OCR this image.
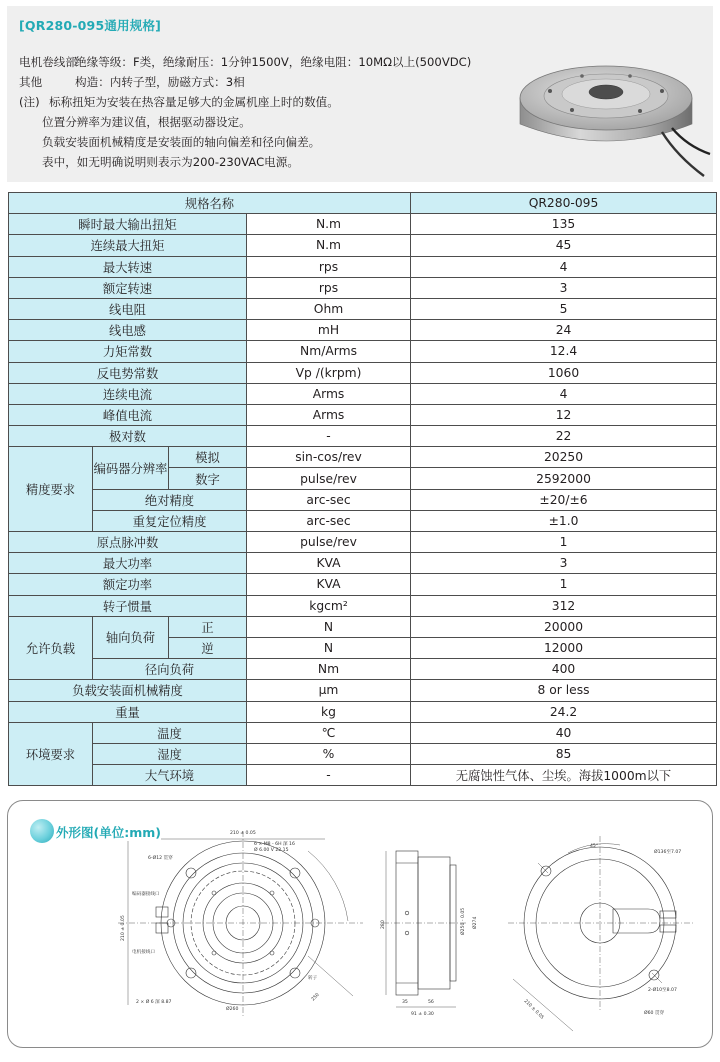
[QR280-095通用规格]
电机卷线部绝缘等级：F类，绝缘耐压：1分钟1500V，绝缘电阻：10MΩ以上(500VDC)
其他	构造：内转子型，励磁方式：3相
(注) 标称扭矩为安装在热容量足够大的金属机座上时的数值。
位置分辨率为建议值，根据驱动器设定。
负载安装面机械精度是安装面的轴向偏差和径向偏差。
表中，如无明确说明则表示为200-230VAC电源。
规格名称				QR280-095
瞬时最大输出扭矩			N.m	135
连续最大扭矩			N.m	45
最大转速			rps	4
额定转速			rps	3
线电阻			Ohm	5
线电感			mH	24
力矩常数			Nm/Arms	12.4
反电势常数			Vp /(krpm)	1060
连续电流			Arms	4
峰值电流			Arms	12
极对数			-	22
精度要求	编码器分辨率	模拟	sin-cos/rev	20250
		数字	pulse/rev	2592000
	绝对精度		arc-sec	±20/±6
	重复定位精度		arc-sec	±1.0
原点脉冲数			pulse/rev	1
最大功率			KVA	3
额定功率			KVA	1
转子惯量			kgcm²	312
允许负载	轴向负荷	正	N	20000
		逆	N	12000
	径向负荷		Nm	400
负载安装面机械精度			μm	8 or less
重量			kg	24.2
环境要求	温度		℃	40
	湿度		%	85
	大气环境		-	无腐蚀性气体、尘埃。海拔1000m以下
外形图(单位:mm)	210 ± 0.05
6-Ø12 贯穿
6 × M8 - 6H 深 16
Ø 6.00 V 22.15
210 ± 0.05
Ø260
2 × Ø 6 深 8.87
250
编码器接线口
电机接线口
转子
280
35	56
91 ± 0.30
Ø250 - 0.05	Ø274
45°
Ø136至7.07
2-Ø10至8.07
Ø60 贯穿
210 ± 0.05
